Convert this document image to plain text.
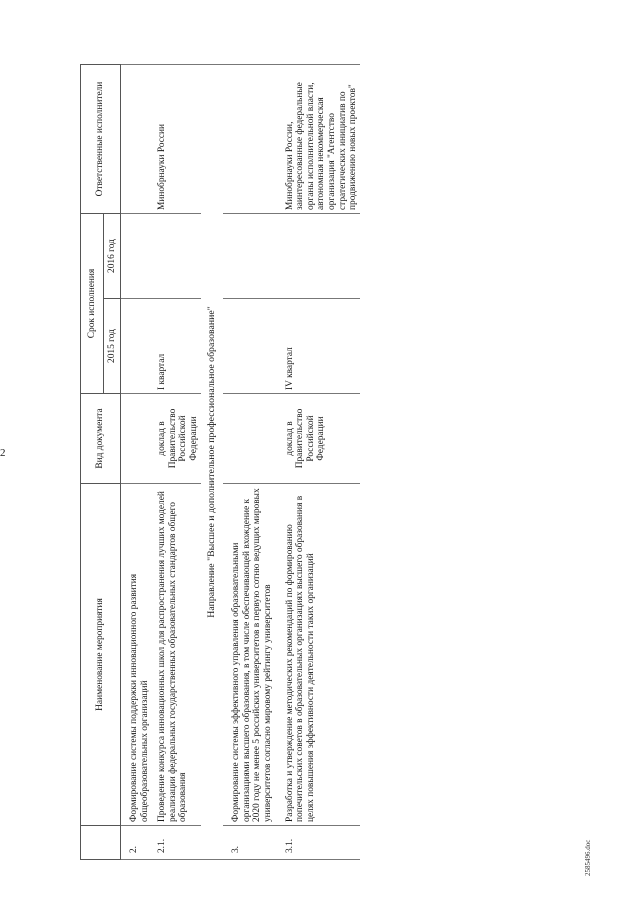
2
	Наименование мероприятия	Вид документа	Срок исполнения		Ответственные исполнители
			2015 год	2016 год	
2.	Формирование системы поддержки инновационного развития общеобразовательных организаций				
2.1.	Проведение конкурса инновационных школ для распространения лучших моделей реализации федеральных государственных образовательных стандартов общего образования	доклад в Правительство Российской Федерации	I квартал		Минобрнауки России
Направление "Высшее и дополнительное профессиональное образование"					
3.	Формирование системы эффективного управления образовательными организациями высшего образования, в том числе обеспечивающей вхождение к 2020 году не менее 5 российских университетов в первую сотню ведущих мировых университетов согласно мировому рейтингу университетов				
3.1.	Разработка и утверждение методических рекомендаций по формированию попечительских советов в образовательных организациях высшего образования в целях повышения эффективности деятельности таких организаций	доклад в Правительство Российской Федерации	IV квартал		Минобрнауки России, заинтересованные федеральные органы исполнительной власти, автономная некоммерческая организация "Агентство стратегических инициатив по продвижению новых проектов"
2585496.doc
